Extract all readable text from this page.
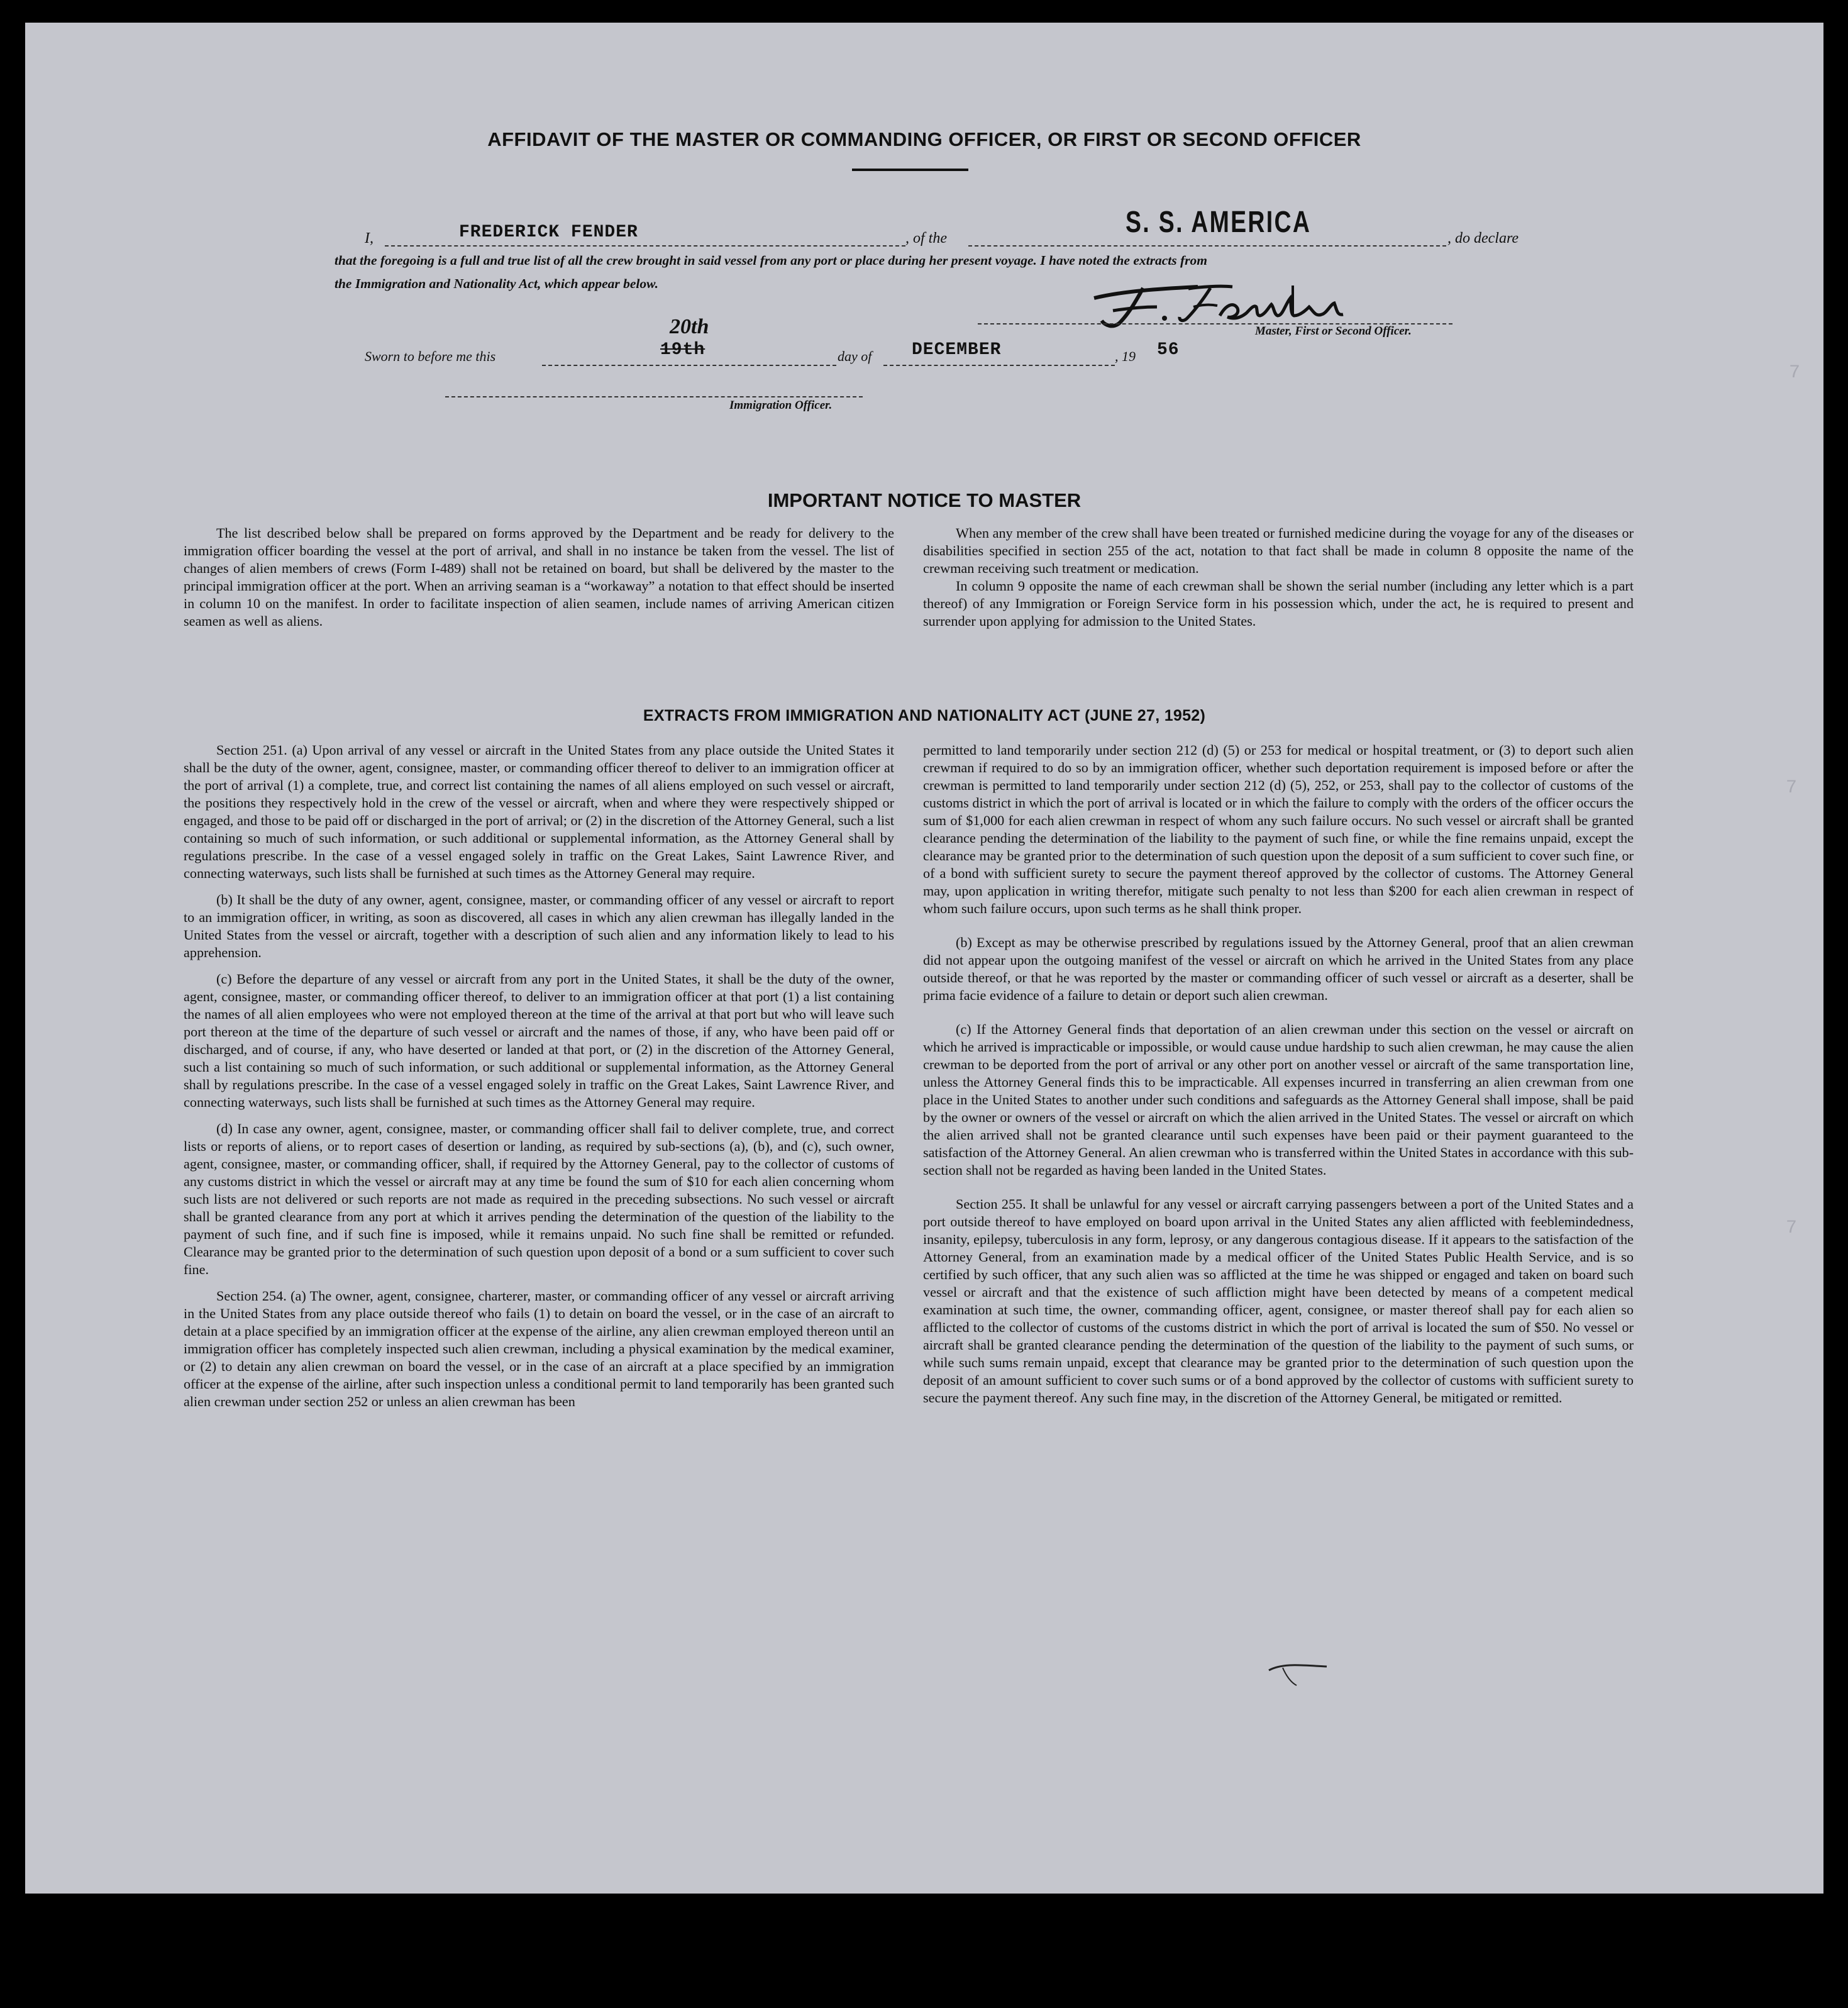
7
7
7
AFFIDAVIT OF THE MASTER OR COMMANDING OFFICER, OR FIRST OR SECOND OFFICER
I,	FREDERICK FENDER	, of the	S. S. AMERICA	, do declare
that the foregoing is a full and true list of all the crew brought in said vessel from any port or place during her present voyage. I have noted the extracts from
the Immigration and Nationality Act, which appear below.
Master, First or Second Officer.
Sworn to before me this	19th
20th
day of DECEMBER	, 19 56
Immigration Officer.
IMPORTANT NOTICE TO MASTER

The list described below shall be prepared on forms approved by the Department and be ready for delivery to the immigration officer boarding the vessel at the port of arrival, and shall in no instance be taken from the vessel. The list of changes of alien members of crews (Form I-489) shall not be retained on board, but shall be delivered by the master to the principal immigration officer at the port. When an arriving seaman is a “workaway” a notation to that effect should be inserted in column 10 on the manifest. In order to facilitate inspection of alien seamen, include names of arriving American citizen seamen as well as aliens.

When any member of the crew shall have been treated or furnished medicine during the voyage for any of the diseases or disabilities specified in section 255 of the act, notation to that fact shall be made in column 8 opposite the name of the crewman receiving such treatment or medication.

In column 9 opposite the name of each crewman shall be shown the serial number (including any letter which is a part thereof) of any Immigration or Foreign Service form in his possession which, under the act, he is required to present and surrender upon applying for admission to the United States.

EXTRACTS FROM IMMIGRATION AND NATIONALITY ACT (JUNE 27, 1952)

Section 251. (a) Upon arrival of any vessel or aircraft in the United States from any place outside the United States it shall be the duty of the owner, agent, consignee, master, or commanding officer thereof to deliver to an immigration officer at the port of arrival (1) a complete, true, and correct list containing the names of all aliens employed on such vessel or aircraft, the positions they respectively hold in the crew of the vessel or aircraft, when and where they were respectively shipped or engaged, and those to be paid off or discharged in the port of arrival; or (2) in the discretion of the Attorney General, such a list containing so much of such information, or such additional or supplemental information, as the Attorney General shall by regulations prescribe. In the case of a vessel engaged solely in traffic on the Great Lakes, Saint Lawrence River, and connecting waterways, such lists shall be furnished at such times as the Attorney General may require.

(b) It shall be the duty of any owner, agent, consignee, master, or commanding officer of any vessel or aircraft to report to an immigration officer, in writing, as soon as discovered, all cases in which any alien crewman has illegally landed in the United States from the vessel or aircraft, together with a description of such alien and any information likely to lead to his apprehension.

(c) Before the departure of any vessel or aircraft from any port in the United States, it shall be the duty of the owner, agent, consignee, master, or commanding officer thereof, to deliver to an immigration officer at that port (1) a list containing the names of all alien employees who were not employed thereon at the time of the arrival at that port but who will leave such port thereon at the time of the departure of such vessel or aircraft and the names of those, if any, who have been paid off or discharged, and of course, if any, who have deserted or landed at that port, or (2) in the discretion of the Attorney General, such a list containing so much of such information, or such additional or supplemental information, as the Attorney General shall by regulations prescribe. In the case of a vessel engaged solely in traffic on the Great Lakes, Saint Lawrence River, and connecting waterways, such lists shall be furnished at such times as the Attorney General may require.

(d) In case any owner, agent, consignee, master, or commanding officer shall fail to deliver complete, true, and correct lists or reports of aliens, or to report cases of desertion or landing, as required by sub-sections (a), (b), and (c), such owner, agent, consignee, master, or commanding officer, shall, if required by the Attorney General, pay to the collector of customs of any customs district in which the vessel or aircraft may at any time be found the sum of $10 for each alien concerning whom such lists are not delivered or such reports are not made as required in the preceding subsections. No such vessel or aircraft shall be granted clearance from any port at which it arrives pending the determination of the question of the liability to the payment of such fine, and if such fine is imposed, while it remains unpaid. No such fine shall be remitted or refunded. Clearance may be granted prior to the determination of such question upon deposit of a bond or a sum sufficient to cover such fine.

Section 254. (a) The owner, agent, consignee, charterer, master, or commanding officer of any vessel or aircraft arriving in the United States from any place outside thereof who fails (1) to detain on board the vessel, or in the case of an aircraft to detain at a place specified by an immigration officer at the expense of the airline, any alien crewman employed thereon until an immigration officer has completely inspected such alien crewman, including a physical examination by the medical examiner, or (2) to detain any alien crewman on board the vessel, or in the case of an aircraft at a place specified by an immigration officer at the expense of the airline, after such inspection unless a conditional permit to land temporarily has been granted such alien crewman under section 252 or unless an alien crewman has been

permitted to land temporarily under section 212 (d) (5) or 253 for medical or hospital treatment, or (3) to deport such alien crewman if required to do so by an immigration officer, whether such deportation requirement is imposed before or after the crewman is permitted to land temporarily under section 212 (d) (5), 252, or 253, shall pay to the collector of customs of the customs district in which the port of arrival is located or in which the failure to comply with the orders of the officer occurs the sum of $1,000 for each alien crewman in respect of whom any such failure occurs. No such vessel or aircraft shall be granted clearance pending the determination of the liability to the payment of such fine, or while the fine remains unpaid, except the clearance may be granted prior to the determination of such question upon the deposit of a sum sufficient to cover such fine, or of a bond with sufficient surety to secure the payment thereof approved by the collector of customs. The Attorney General may, upon application in writing therefor, mitigate such penalty to not less than $200 for each alien crewman in respect of whom such failure occurs, upon such terms as he shall think proper.

(b) Except as may be otherwise prescribed by regulations issued by the Attorney General, proof that an alien crewman did not appear upon the outgoing manifest of the vessel or aircraft on which he arrived in the United States from any place outside thereof, or that he was reported by the master or commanding officer of such vessel or aircraft as a deserter, shall be prima facie evidence of a failure to detain or deport such alien crewman.

(c) If the Attorney General finds that deportation of an alien crewman under this section on the vessel or aircraft on which he arrived is impracticable or impossible, or would cause undue hardship to such alien crewman, he may cause the alien crewman to be deported from the port of arrival or any other port on another vessel or aircraft of the same transportation line, unless the Attorney General finds this to be impracticable. All expenses incurred in transferring an alien crewman from one place in the United States to another under such conditions and safeguards as the Attorney General shall impose, shall be paid by the owner or owners of the vessel or aircraft on which the alien arrived in the United States. The vessel or aircraft on which the alien arrived shall not be granted clearance until such expenses have been paid or their payment guaranteed to the satisfaction of the Attorney General. An alien crewman who is transferred within the United States in accordance with this sub-section shall not be regarded as having been landed in the United States.

Section 255. It shall be unlawful for any vessel or aircraft carrying passengers between a port of the United States and a port outside thereof to have employed on board upon arrival in the United States any alien afflicted with feeblemindedness, insanity, epilepsy, tuberculosis in any form, leprosy, or any dangerous contagious disease. If it appears to the satisfaction of the Attorney General, from an examination made by a medical officer of the United States Public Health Service, and is so certified by such officer, that any such alien was so afflicted at the time he was shipped or engaged and taken on board such vessel or aircraft and that the existence of such affliction might have been detected by means of a competent medical examination at such time, the owner, commanding officer, agent, consignee, or master thereof shall pay for each alien so afflicted to the collector of customs of the customs district in which the port of arrival is located the sum of $50. No vessel or aircraft shall be granted clearance pending the determination of the question of the liability to the payment of such sums, or while such sums remain unpaid, except that clearance may be granted prior to the determination of such question upon the deposit of an amount sufficient to cover such sums or of a bond approved by the collector of customs with sufficient surety to secure the payment thereof. Any such fine may, in the discretion of the Attorney General, be mitigated or remitted.
